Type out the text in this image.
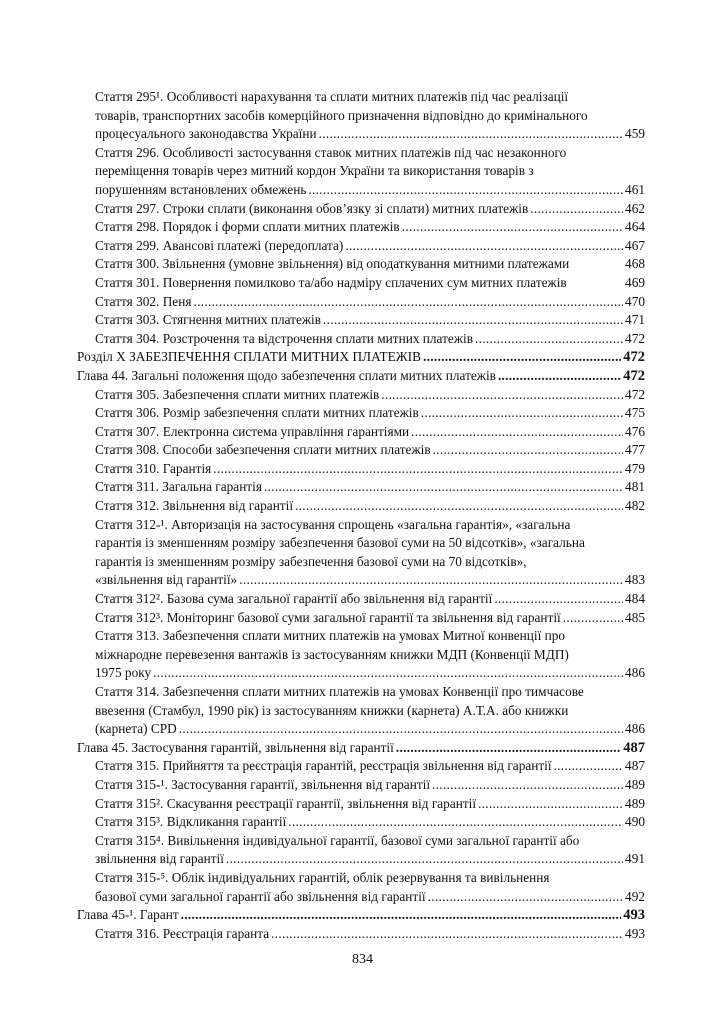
Стаття 295¹. Особливості нарахування та сплати митних платежів під час реалізації
товарів, транспортних засобів комерційного призначення відповідно до кримінального
процесуального законодавства України .....	459
Стаття 296. Особливості застосування ставок митних платежів під час незаконного
переміщення товарів через митний кордон України та використання товарів з
порушенням встановлених обмежень .....	461
Стаття 297. Строки сплати (виконання обов’язку зі сплати) митних платежів .....	462
Стаття 298. Порядок і форми сплати митних платежів .....	464
Стаття 299. Авансові платежі (передоплата) .....	467
Стаття 300. Звільнення (умовне звільнення) від оподаткування митними платежами	468
Стаття 301. Повернення помилково та/або надміру сплачених сум митних платежів	469
Стаття 302. Пеня .....	470
Стаття 303. Стягнення митних платежів .....	471
Стаття 304. Розстрочення та відстрочення сплати митних платежів .....	472
Розділ X ЗАБЕЗПЕЧЕННЯ СПЛАТИ МИТНИХ ПЛАТЕЖІВ .....	472
Глава 44. Загальні положення щодо забезпечення сплати митних платежів .....	472
Стаття 305. Забезпечення сплати митних платежів .....	472
Стаття 306. Розмір забезпечення сплати митних платежів .....	475
Стаття 307. Електронна система управління гарантіями .....	476
Стаття 308. Способи забезпечення сплати митних платежів .....	477
Стаття 310. Гарантія .....	479
Стаття 311. Загальна гарантія .....	481
Стаття 312. Звільнення від гарантії .....	482
Стаття 312-¹. Авторизація на застосування спрощень «загальна гарантія», «загальна
гарантія із зменшенням розміру забезпечення базової суми на 50 відсотків», «загальна
гарантія із зменшенням розміру забезпечення базової суми на 70 відсотків»,
«звільнення від гарантії» .....	483
Стаття 312². Базова сума загальної гарантії або звільнення від гарантії .....	484
Стаття 312³. Моніторинг базової суми загальної гарантії та звільнення від гарантії .....	485
Стаття 313. Забезпечення сплати митних платежів на умовах Митної конвенції про
міжнародне перевезення вантажів із застосуванням книжки МДП (Конвенції МДП)
1975 року .....	486
Стаття 314. Забезпечення сплати митних платежів на умовах Конвенції про тимчасове
ввезення (Стамбул, 1990 рік) із застосуванням книжки (карнета) А.Т.А. або книжки
(карнета) CPD .....	486
Глава 45. Застосування гарантій, звільнення від гарантії .....	487
Стаття 315. Прийняття та реєстрація гарантій, реєстрація звільнення від гарантії .....	487
Стаття 315-¹. Застосування гарантії, звільнення від гарантії .....	489
Стаття 315². Скасування реєстрації гарантії, звільнення від гарантії .....	489
Стаття 315³. Відкликання гарантії .....	490
Стаття 315⁴. Вивільнення індивідуальної гарантії, базової суми загальної гарантії або
звільнення від гарантії .....	491
Стаття 315-⁵. Облік індивідуальних гарантій, облік резервування та вивільнення
базової суми загальної гарантії або звільнення від гарантії .....	492
Глава 45-¹. Гарант .....	493
Стаття 316. Реєстрація гаранта .....	493
834
